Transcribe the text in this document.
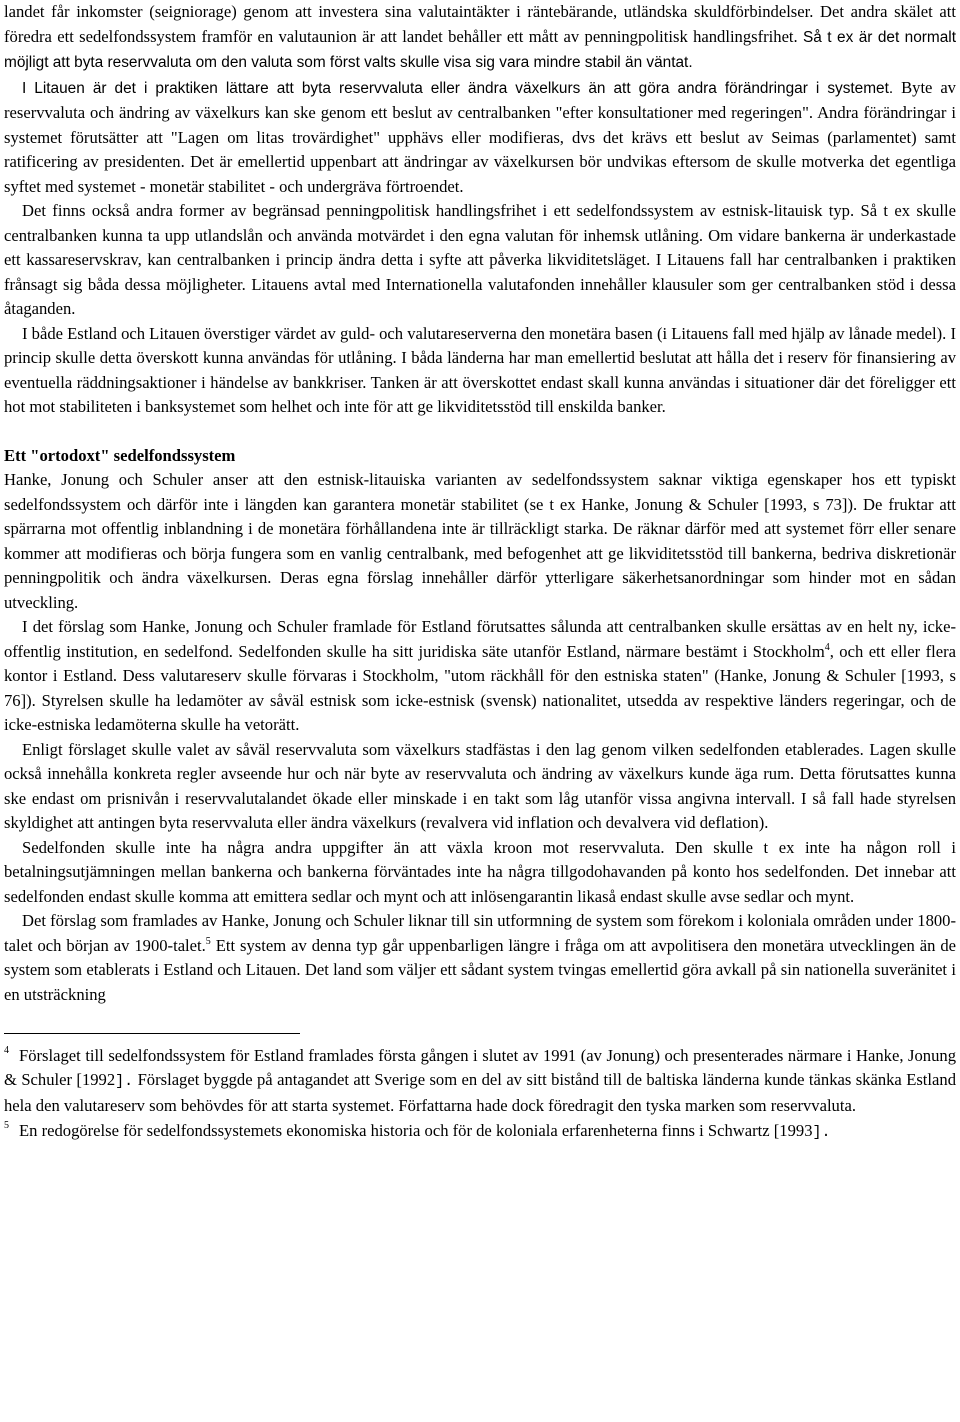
landet får inkomster (seigniorage) genom att investera sina valutaintäkter i räntebärande, utländska skuldförbindelser. Det andra skälet att föredra ett sedelfondssystem framför en valutaunion är att landet behåller ett mått av penningpolitisk handlingsfrihet. Så t ex är det normalt möjligt att byta reservvaluta om den valuta som först valts skulle visa sig vara mindre stabil än väntat.

I Litauen är det i praktiken lättare att byta reservvaluta eller ändra växelkurs än att göra andra förändringar i systemet. Byte av reservvaluta och ändring av växelkurs kan ske genom ett beslut av centralbanken "efter konsultationer med regeringen". Andra förändringar i systemet förutsätter att "Lagen om litas trovärdighet" upphävs eller modifieras, dvs det krävs ett beslut av Seimas (parlamentet) samt ratificering av presidenten. Det är emellertid uppenbart att ändringar av växelkursen bör undvikas eftersom de skulle motverka det egentliga syftet med systemet - monetär stabilitet - och undergräva förtroendet.

Det finns också andra former av begränsad penningpolitisk handlingsfrihet i ett sedelfondssystem av estnisk-litauisk typ. Så t ex skulle centralbanken kunna ta upp utlandslån och använda motvärdet i den egna valutan för inhemsk utlåning. Om vidare bankerna är underkastade ett kassareservskrav, kan centralbanken i princip ändra detta i syfte att påverka likviditetsläget. I Litauens fall har centralbanken i praktiken frånsagt sig båda dessa möjligheter. Litauens avtal med Internationella valutafonden innehåller klausuler som ger centralbanken stöd i dessa åtaganden.

I både Estland och Litauen överstiger värdet av guld- och valutareserverna den monetära basen (i Litauens fall med hjälp av lånade medel). I princip skulle detta överskott kunna användas för utlåning. I båda länderna har man emellertid beslutat att hålla det i reserv för finansiering av eventuella räddningsaktioner i händelse av bankkriser. Tanken är att överskottet endast skall kunna användas i situationer där det föreligger ett hot mot stabiliteten i banksystemet som helhet och inte för att ge likviditetsstöd till enskilda banker.

Ett "ortodoxt" sedelfondssystem

Hanke, Jonung och Schuler anser att den estnisk-litauiska varianten av sedelfondssystem saknar viktiga egenskaper hos ett typiskt sedelfondssystem och därför inte i längden kan garantera monetär stabilitet (se t ex Hanke, Jonung & Schuler [1993, s 73]). De fruktar att spärrarna mot offentlig inblandning i de monetära förhållandena inte är tillräckligt starka. De räknar därför med att systemet förr eller senare kommer att modifieras och börja fungera som en vanlig centralbank, med befogenhet att ge likviditetsstöd till bankerna, bedriva diskretionär penningpolitik och ändra växelkursen. Deras egna förslag innehåller därför ytterligare säkerhetsanordningar som hinder mot en sådan utveckling.

I det förslag som Hanke, Jonung och Schuler framlade för Estland förutsattes sålunda att centralbanken skulle ersättas av en helt ny, icke-offentlig institution, en sedelfond. Sedelfonden skulle ha sitt juridiska säte utanför Estland, närmare bestämt i Stockholm$^4$, och ett eller flera kontor i Estland. Dess valutareserv skulle förvaras i Stockholm, "utom räckhåll för den estniska staten" (Hanke, Jonung & Schuler [1993, s 76]). Styrelsen skulle ha ledamöter av såväl estnisk som icke-estnisk (svensk) nationalitet, utsedda av respektive länders regeringar, och de icke-estniska ledamöterna skulle ha vetorätt.

Enligt förslaget skulle valet av såväl reservvaluta som växelkurs stadfästas i den lag genom vilken sedelfonden etablerades. Lagen skulle också innehålla konkreta regler avseende hur och när byte av reservvaluta och ändring av växelkurs kunde äga rum. Detta förutsattes kunna ske endast om prisnivån i reservvalutalandet ökade eller minskade i en takt som låg utanför vissa angivna intervall. I så fall hade styrelsen skyldighet att antingen byta reservvaluta eller ändra växelkurs (revalvera vid inflation och devalvera vid deflation).

Sedelfonden skulle inte ha några andra uppgifter än att växla kroon mot reservvaluta. Den skulle t ex inte ha någon roll i betalningsutjämningen mellan bankerna och bankerna förväntades inte ha några tillgodohavanden på konto hos sedelfonden. Det innebar att sedelfonden endast skulle komma att emittera sedlar och mynt och att inlösengarantin likaså endast skulle avse sedlar och mynt.

Det förslag som framlades av Hanke, Jonung och Schuler liknar till sin utformning de system som förekom i koloniala områden under 1800-talet och början av 1900-talet.$^5$ Ett system av denna typ går uppenbarligen längre i fråga om att avpolitisera den monetära utvecklingen än de system som etablerats i Estland och Litauen. Det land som väljer ett sådant system tvingas emellertid göra avkall på sin nationella suveränitet i en utsträckning

$^4$ Förslaget till sedelfondssystem för Estland framlades första gången i slutet av 1991 (av Jonung) och presenterades närmare i Hanke, Jonung & Schuler [1992]. Förslaget byggde på antagandet att Sverige som en del av sitt bistånd till de baltiska länderna kunde tänkas skänka Estland hela den valutareserv som behövdes för att starta systemet. Författarna hade dock föredragit den tyska marken som reservvaluta.

$^5$ En redogörelse för sedelfondssystemets ekonomiska historia och för de koloniala erfarenheterna finns i Schwartz [1993].
